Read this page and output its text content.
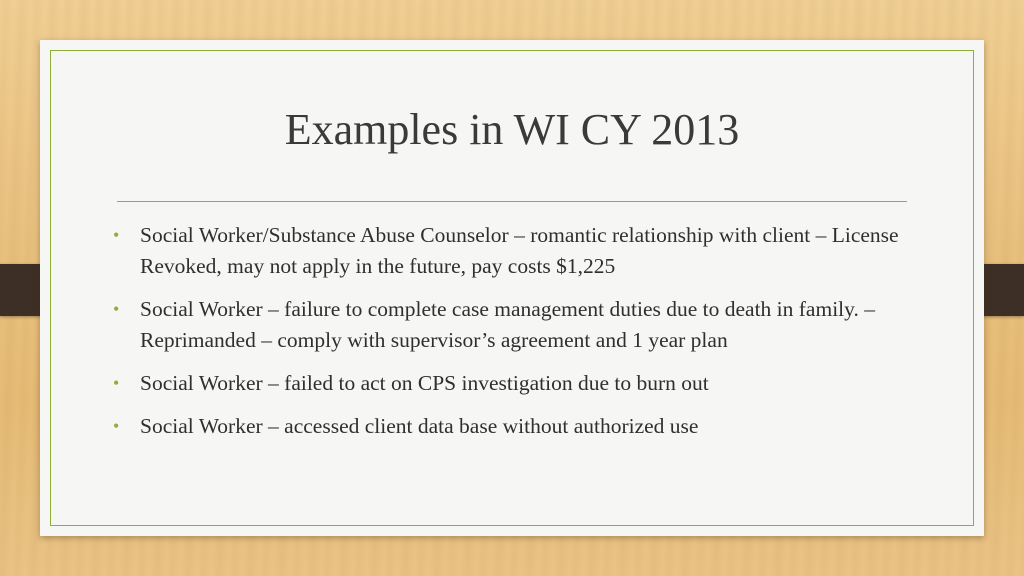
Examples in WI CY 2013
• Social Worker/Substance Abuse Counselor – romantic relationship with client – License Revoked, may not apply in the future, pay costs $1,225
• Social Worker – failure to complete case management duties due to death in family. – Reprimanded – comply with supervisor’s agreement and 1 year plan
• Social Worker – failed to act on CPS investigation due to burn out
• Social Worker – accessed client data base without authorized use
